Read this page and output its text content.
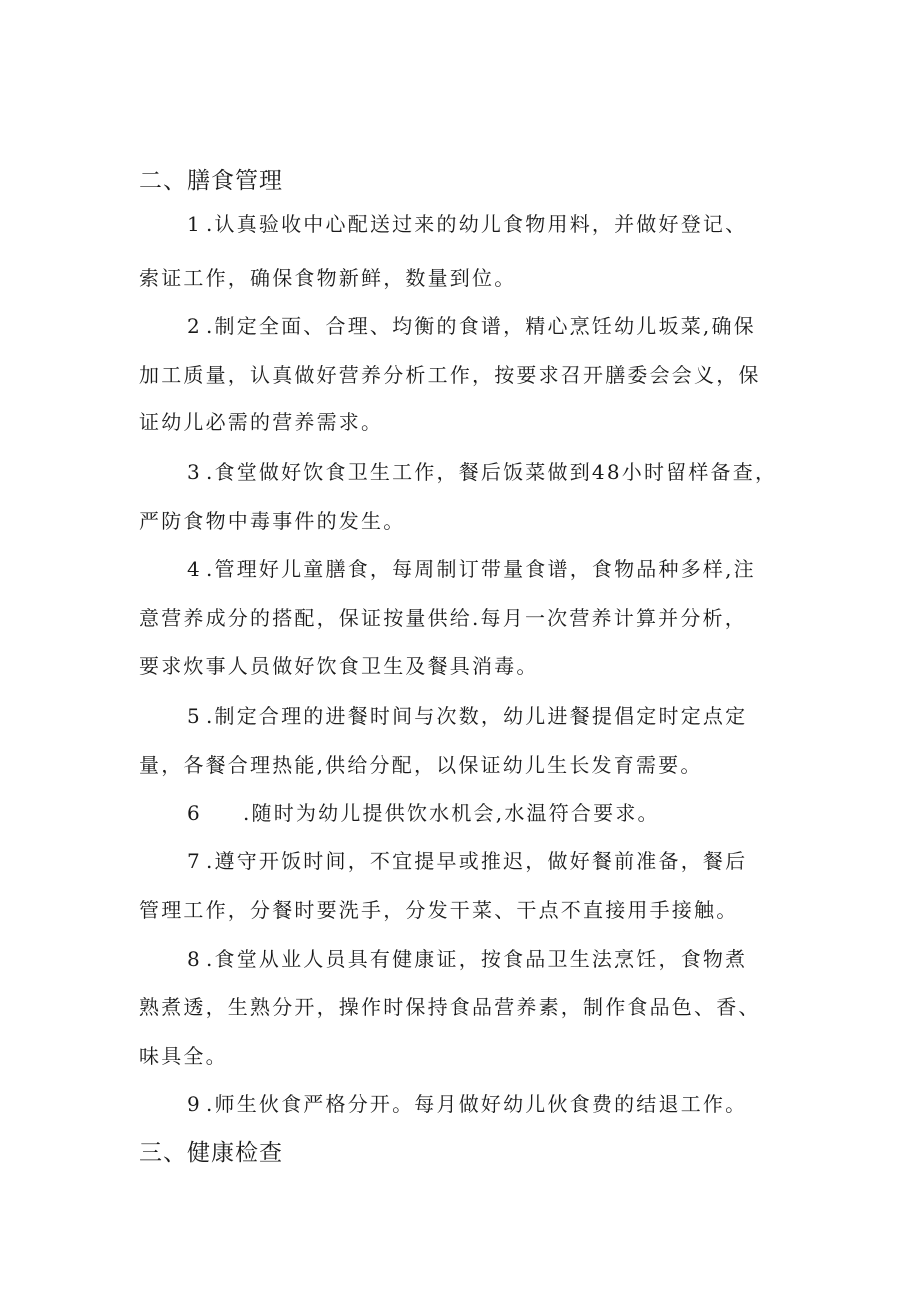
二、膳食管理
1 .认真验收中心配送过来的幼儿食物用料，并做好登记、
索证工作，确保食物新鲜，数量到位。
2 .制定全面、合理、均衡的食谱，精心烹饪幼儿坂菜,确保
加工质量，认真做好营养分析工作，按要求召开膳委会会义，保
证幼儿必需的营养需求。
3 .食堂做好饮食卫生工作，餐后饭菜做到48小时留样备查，
严防食物中毒事件的发生。
4 .管理好儿童膳食，每周制订带量食谱，食物品种多样,注
意营养成分的搭配，保证按量供给.每月一次营养计算并分析，
要求炊事人员做好饮食卫生及餐具消毒。
5 .制定合理的进餐时间与次数，幼儿进餐提倡定时定点定
量，各餐合理热能,供给分配，以保证幼儿生长发育需要。
6 .随时为幼儿提供饮水机会,水温符合要求。
7 .遵守开饭时间，不宜提早或推迟，做好餐前准备，餐后
管理工作，分餐时要洗手，分发干菜、干点不直接用手接触。
8 .食堂从业人员具有健康证，按食品卫生法烹饪，食物煮
熟煮透，生熟分开，操作时保持食品营养素，制作食品色、香、
味具全。
9 .师生伙食严格分开。每月做好幼儿伙食费的结退工作。
三、健康检查
